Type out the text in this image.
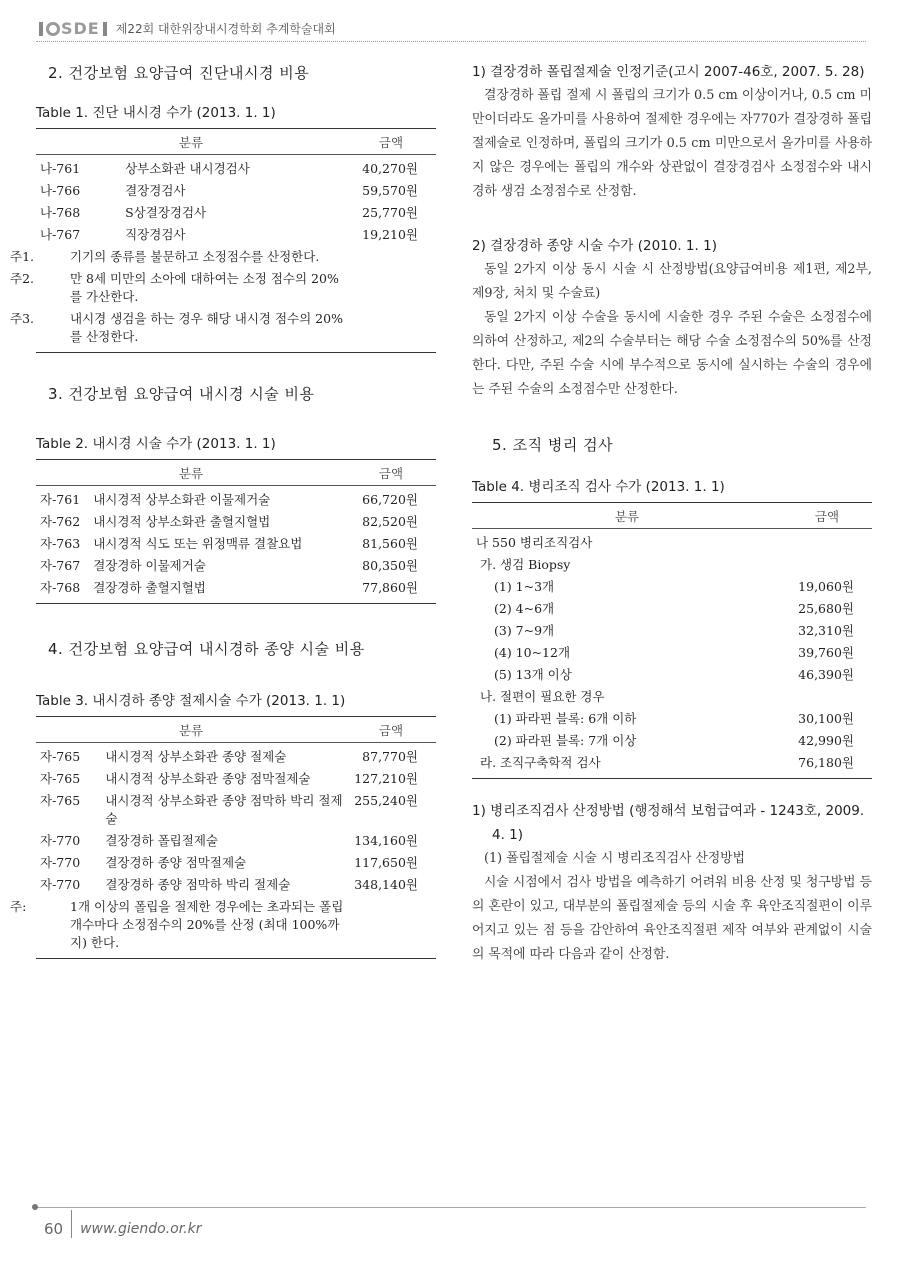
SDE 제22회 대한위장내시경학회 추계학술대회
2. 건강보험 요양급여 진단내시경 비용
Table 1. 진단 내시경 수가 (2013. 1. 1)
분류		금액
나-761	상부소화관 내시경검사	40,270원
나-766	결장경검사	59,570원
나-768	S상결장경검사	25,770원
나-767	직장경검사	19,210원

주1. 기기의 종류를 불문하고 소정점수를 산정한다.		

주2. 만 8세 미만의 소아에 대하여는 소정 점수의 20%를 가산한다.		

주3. 내시경 생검을 하는 경우 해당 내시경 점수의 20%를 산정한다.		

3. 건강보험 요양급여 내시경 시술 비용
Table 2. 내시경 시술 수가 (2013. 1. 1)
분류		금액
자-761	내시경적 상부소화관 이물제거술	66,720원
자-762	내시경적 상부소화관 출혈지혈법	82,520원
자-763	내시경적 식도 또는 위정맥류 결찰요법	81,560원
자-767	결장경하 이물제거술	80,350원
자-768	결장경하 출혈지혈법	77,860원
4. 건강보험 요양급여 내시경하 종양 시술 비용
Table 3. 내시경하 종양 절제시술 수가 (2013. 1. 1)
분류		금액
자-765	내시경적 상부소화관 종양 절제술	87,770원
자-765	내시경적 상부소화관 종양 점막절제술	127,210원
자-765	내시경적 상부소화관 종양 점막하 박리 절제술	255,240원
자-770	결장경하 폴립절제술	134,160원
자-770	결장경하 종양 점막절제술	117,650원
자-770	결장경하 종양 점막하 박리 절제술	348,140원

주: 1개 이상의 폴립을 절제한 경우에는 초과되는 폴립 개수마다 소정점수의 20%를 산정 (최대 100%까지) 한다.		

1) 결장경하 폴립절제술 인정기준(고시 2007-46호, 2007. 5. 28)
결장경하 폴립 절제 시 폴립의 크기가 0.5 cm 이상이거나, 0.5 cm 미만이더라도 올가미를 사용하여 절제한 경우에는 자770가 결장경하 폴립절제술로 인정하며, 폴립의 크기가 0.5 cm 미만으로서 올가미를 사용하지 않은 경우에는 폴립의 개수와 상관없이 결장경검사 소정점수와 내시경하 생검 소정점수로 산정함.
2) 결장경하 종양 시술 수가 (2010. 1. 1)
동일 2가지 이상 동시 시술 시 산정방법(요양급여비용 제1편, 제2부, 제9장, 처치 및 수술료)
동일 2가지 이상 수술을 동시에 시술한 경우 주된 수술은 소정점수에 의하여 산정하고, 제2의 수술부터는 해당 수술 소정점수의 50%를 산정한다. 다만, 주된 수술 시에 부수적으로 동시에 실시하는 수술의 경우에는 주된 수술의 소정점수만 산정한다.
5. 조직 병리 검사
Table 4. 병리조직 검사 수가 (2013. 1. 1)
분류	금액
나 550 병리조직검사	
가. 생검 Biopsy	
(1) 1~3개	19,060원
(2) 4~6개	25,680원
(3) 7~9개	32,310원
(4) 10~12개	39,760원
(5) 13개 이상	46,390원
나. 절편이 필요한 경우	
(1) 파라핀 블록: 6개 이하	30,100원
(2) 파라핀 블록: 7개 이상	42,990원
라. 조직구축학적 검사	76,180원
1) 병리조직검사 산정방법 (행정해석 보험급여과 - 1243호, 2009. 4. 1)
(1) 폴립절제술 시술 시 병리조직검사 산정방법
시술 시점에서 검사 방법을 예측하기 어려워 비용 산정 및 청구방법 등의 혼란이 있고, 대부분의 폴립절제술 등의 시술 후 육안조직절편이 이루어지고 있는 점 등을 감안하여 육안조직절편 제작 여부와 관계없이 시술의 목적에 따라 다음과 같이 산정함.
60	www.giendo.or.kr
